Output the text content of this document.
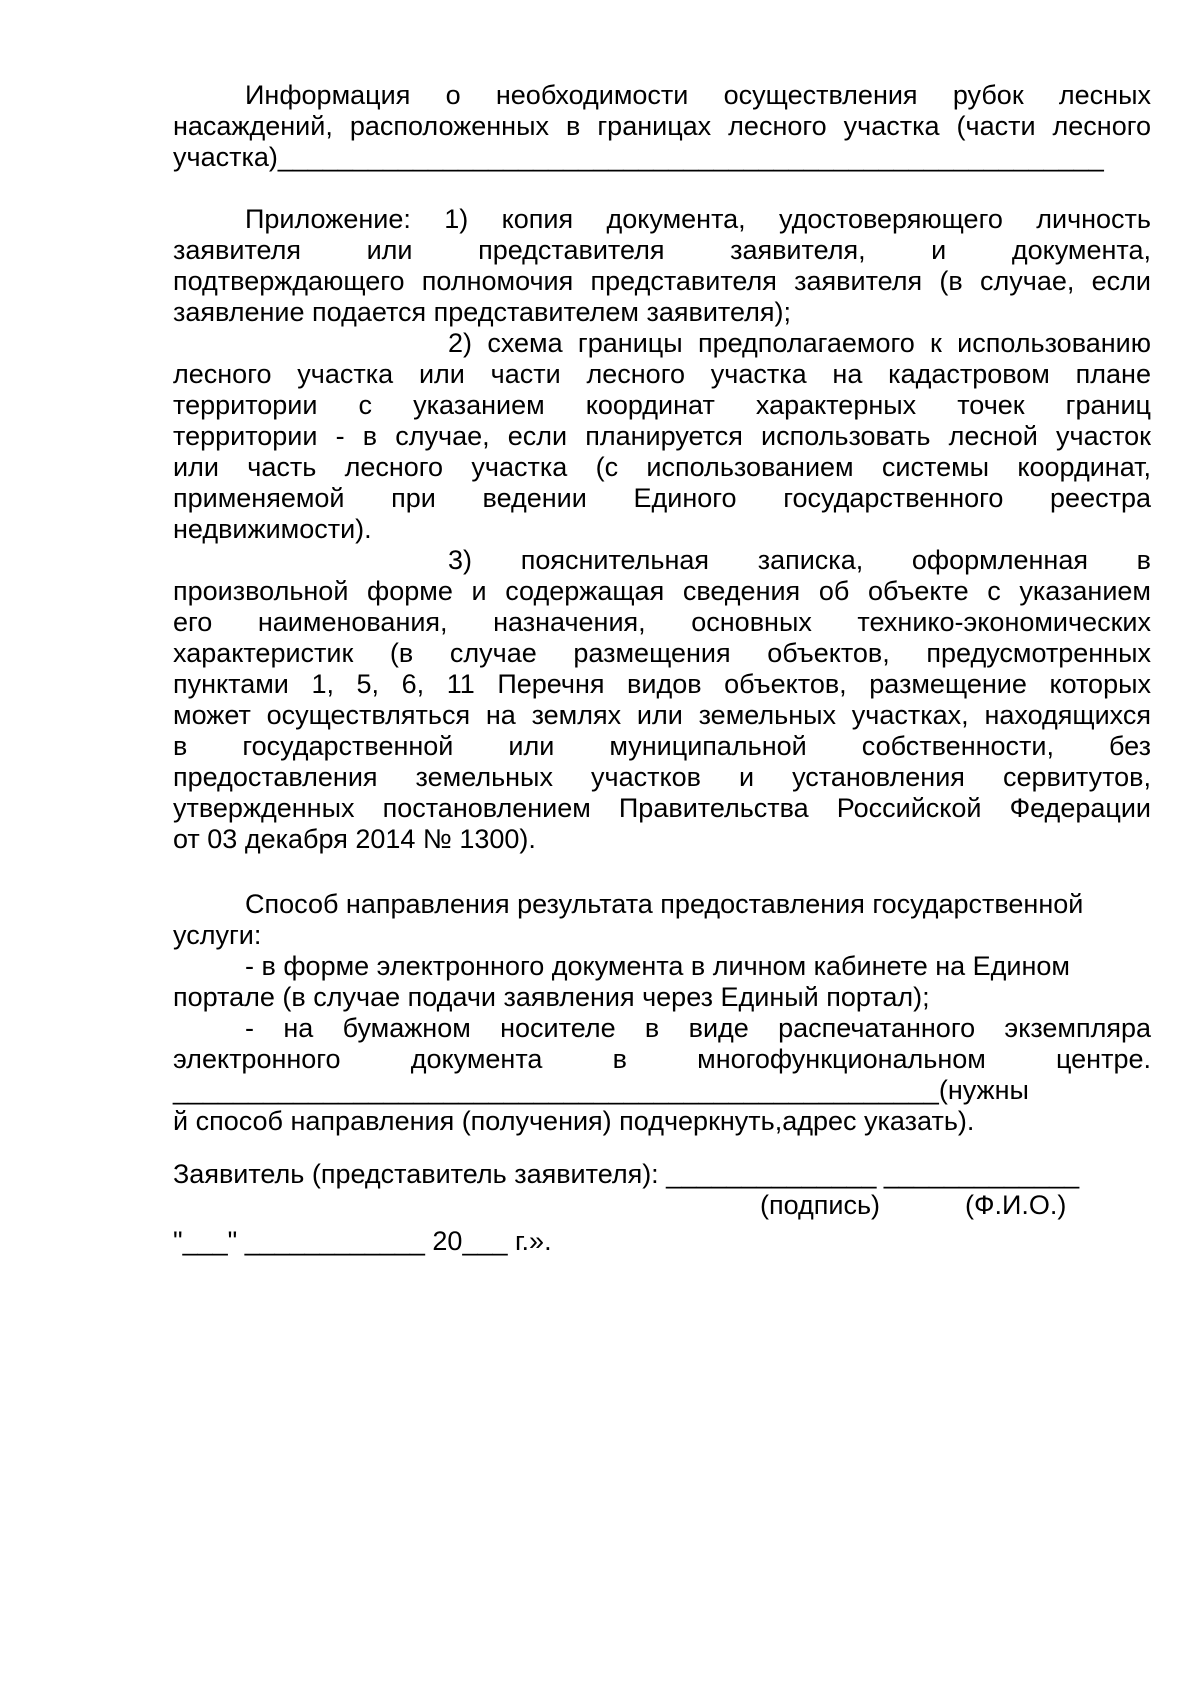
Информация о необходимости осуществления рубок лесных

насаждений, расположенных в границах лесного участка (части лесного

участка)_______________________________________________________

Приложение: 1) копия документа, удостоверяющего личность

заявителя или представителя заявителя, и документа,

подтверждающего полномочия представителя заявителя (в случае, если

заявление подается представителем заявителя);

2) схема границы предполагаемого к использованию

лесного участка или части лесного участка на кадастровом плане

территории с указанием координат характерных точек границ

территории - в случае, если планируется использовать лесной участок

или часть лесного участка (с использованием системы координат,

применяемой при ведении Единого государственного реестра

недвижимости).

3) пояснительная записка, оформленная в

произвольной форме и содержащая сведения об объекте с указанием

его наименования, назначения, основных технико-экономических

характеристик (в случае размещения объектов, предусмотренных

пунктами 1, 5, 6, 11 Перечня видов объектов, размещение которых

может осуществляться на землях или земельных участках, находящихся

в государственной или муниципальной собственности, без

предоставления земельных участков и установления сервитутов,

утвержденных постановлением Правительства Российской Федерации

от 03 декабря 2014 № 1300).

Способ направления результата предоставления государственной

услуги:

- в форме электронного документа в личном кабинете на Едином

портале (в случае подачи заявления через Единый портал);

- на бумажном носителе в виде распечатанного экземпляра

электронного документа в многофункциональном центре.

___________________________________________________(нужны

й способ направления (получения) подчеркнуть,адрес указать).

Заявитель (представитель заявителя): ______________ _____________
(подпись)	(Ф.И.О.)
"___" ____________ 20___ г.».
